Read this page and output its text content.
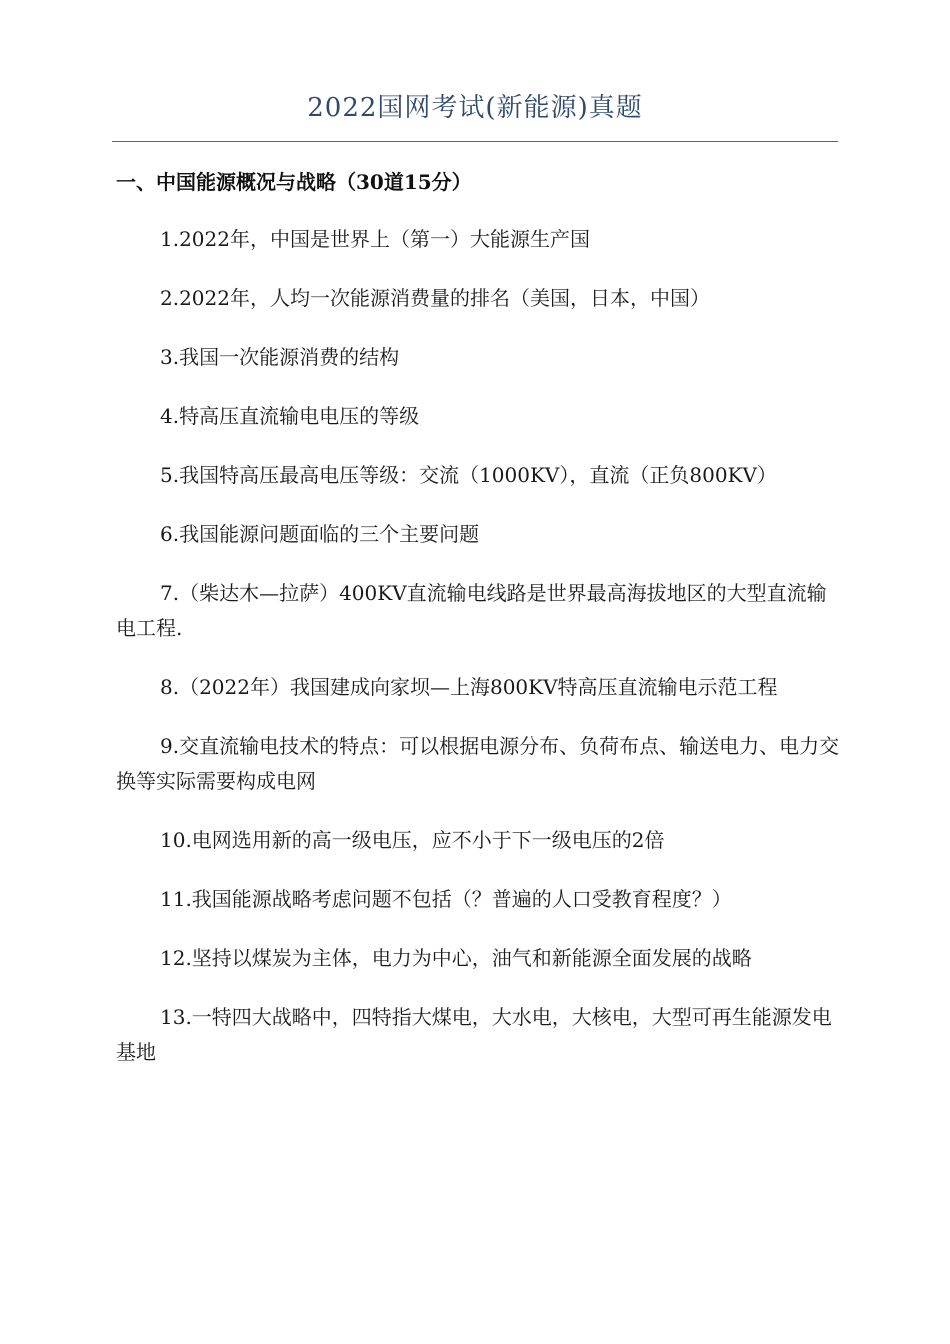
2022国网考试(新能源)真题
一、中国能源概况与战略（30道15分）
1.2022年，中国是世界上（第一）大能源生产国
2.2022年，人均一次能源消费量的排名（美国，日本，中国）
3.我国一次能源消费的结构
4.特高压直流输电电压的等级
5.我国特高压最高电压等级：交流（1000KV），直流（正负800KV）
6.我国能源问题面临的三个主要问题
7.（柴达木—拉萨）400KV直流输电线路是世界最高海拔地区的大型直流输电工程.
8.（2022年）我国建成向家坝—上海800KV特高压直流输电示范工程
9.交直流输电技术的特点：可以根据电源分布、负荷布点、输送电力、电力交换等实际需要构成电网
10.电网选用新的高一级电压，应不小于下一级电压的2倍
11.我国能源战略考虑问题不包括（？普遍的人口受教育程度？）
12.坚持以煤炭为主体，电力为中心，油气和新能源全面发展的战略
13.一特四大战略中，四特指大煤电，大水电，大核电，大型可再生能源发电基地
